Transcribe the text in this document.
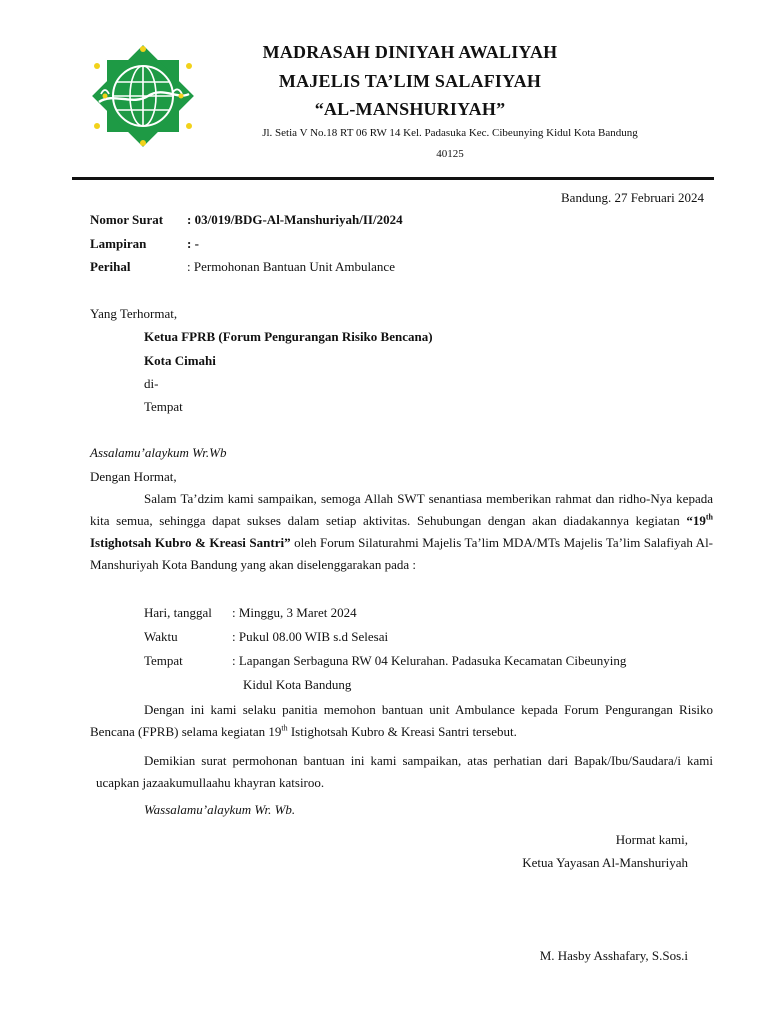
MADRASAH DINIYAH AWALIYAH
MAJELIS TA’LIM SALAFIYAH
“AL-MANSHURIYAH”
Jl. Setia V No.18 RT 06 RW 14 Kel. Padasuka Kec. Cibeunying Kidul Kota Bandung
40125
Bandung. 27 Februari 2024
Nomor Surat : 03/019/BDG-Al-Manshuriyah/II/2024
Lampiran	: -
Perihal	: Permohonan Bantuan Unit Ambulance
Yang Terhormat,
Ketua FPRB (Forum Pengurangan Risiko Bencana)
Kota Cimahi
di-
Tempat
Assalamu’alaykum Wr.Wb
Dengan Hormat,
Salam Ta’dzim kami sampaikan, semoga Allah SWT senantiasa memberikan rahmat dan ridho-Nya kepada kita semua, sehingga dapat sukses dalam setiap aktivitas. Sehubungan dengan akan diadakannya kegiatan “19th Istighotsah Kubro & Kreasi Santri” oleh Forum Silaturahmi Majelis Ta’lim MDA/MTs Majelis Ta’lim Salafiyah Al-Manshuriyah Kota Bandung yang akan diselenggarakan pada :
Hari, tanggal : Minggu, 3 Maret 2024
Waktu	: Pukul 08.00 WIB s.d Selesai
Tempat	: Lapangan Serbaguna RW 04 Kelurahan. Padasuka Kecamatan Cibeunying
Kidul Kota Bandung
Dengan ini kami selaku panitia memohon bantuan unit Ambulance kepada Forum Pengurangan Risiko Bencana (FPRB) selama kegiatan 19th Istighotsah Kubro & Kreasi Santri tersebut.
Demikian surat permohonan bantuan ini kami sampaikan, atas perhatian dari Bapak/Ibu/Saudara/i kami ucapkan jazaakumullaahu khayran katsiroo.
Wassalamu’alaykum Wr. Wb.
Hormat kami,
Ketua Yayasan Al-Manshuriyah
M. Hasby Asshafary, S.Sos.i
